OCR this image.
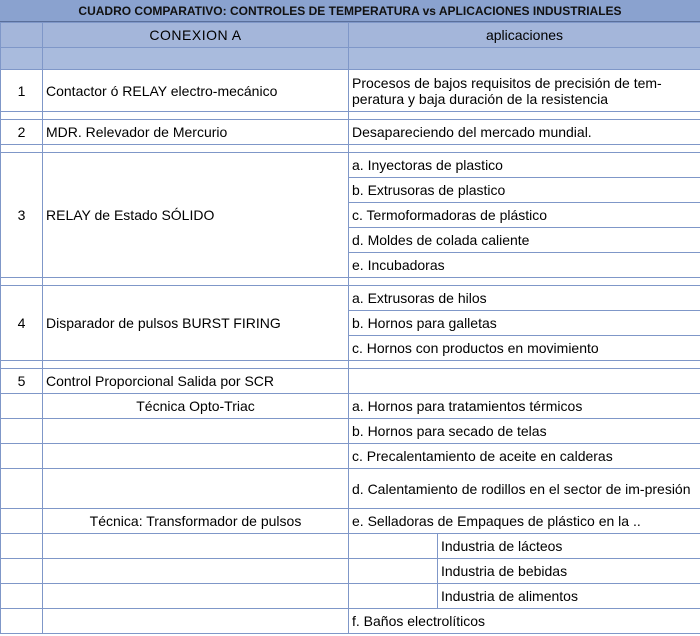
CUADRO COMPARATIVO: CONTROLES DE TEMPERATURA vs APLICACIONES INDUSTRIALES
	CONEXION A	aplicaciones	

1	Contactor ó RELAY electro-mecánico	Procesos de bajos requisitos de precisión de tem-peratura y baja duración de la resistencia	

2	MDR. Relevador de Mercurio	Desapareciendo del mercado mundial.	

3	RELAY de Estado SÓLIDO	a. Inyectoras de plastico	
		b. Extrusoras de plastico	
		c. Termoformadoras de plástico	
		d. Moldes de colada caliente	
		e. Incubadoras	

4	Disparador de pulsos BURST FIRING	a. Extrusoras de hilos	
		b. Hornos para galletas	
		c. Hornos con productos en movimiento	

5	Control Proporcional Salida por SCR		
	Técnica Opto-Triac	a. Hornos para tratamientos térmicos	
		b. Hornos para secado de telas	
		c. Precalentamiento de aceite en calderas	
		d. Calentamiento de rodillos en el sector de im-presión	
	Técnica: Transformador de pulsos	e. Selladoras de Empaques de plástico en la ..	
			Industria de lácteos
			Industria de bebidas
			Industria de alimentos
		f. Baños electrolíticos	
